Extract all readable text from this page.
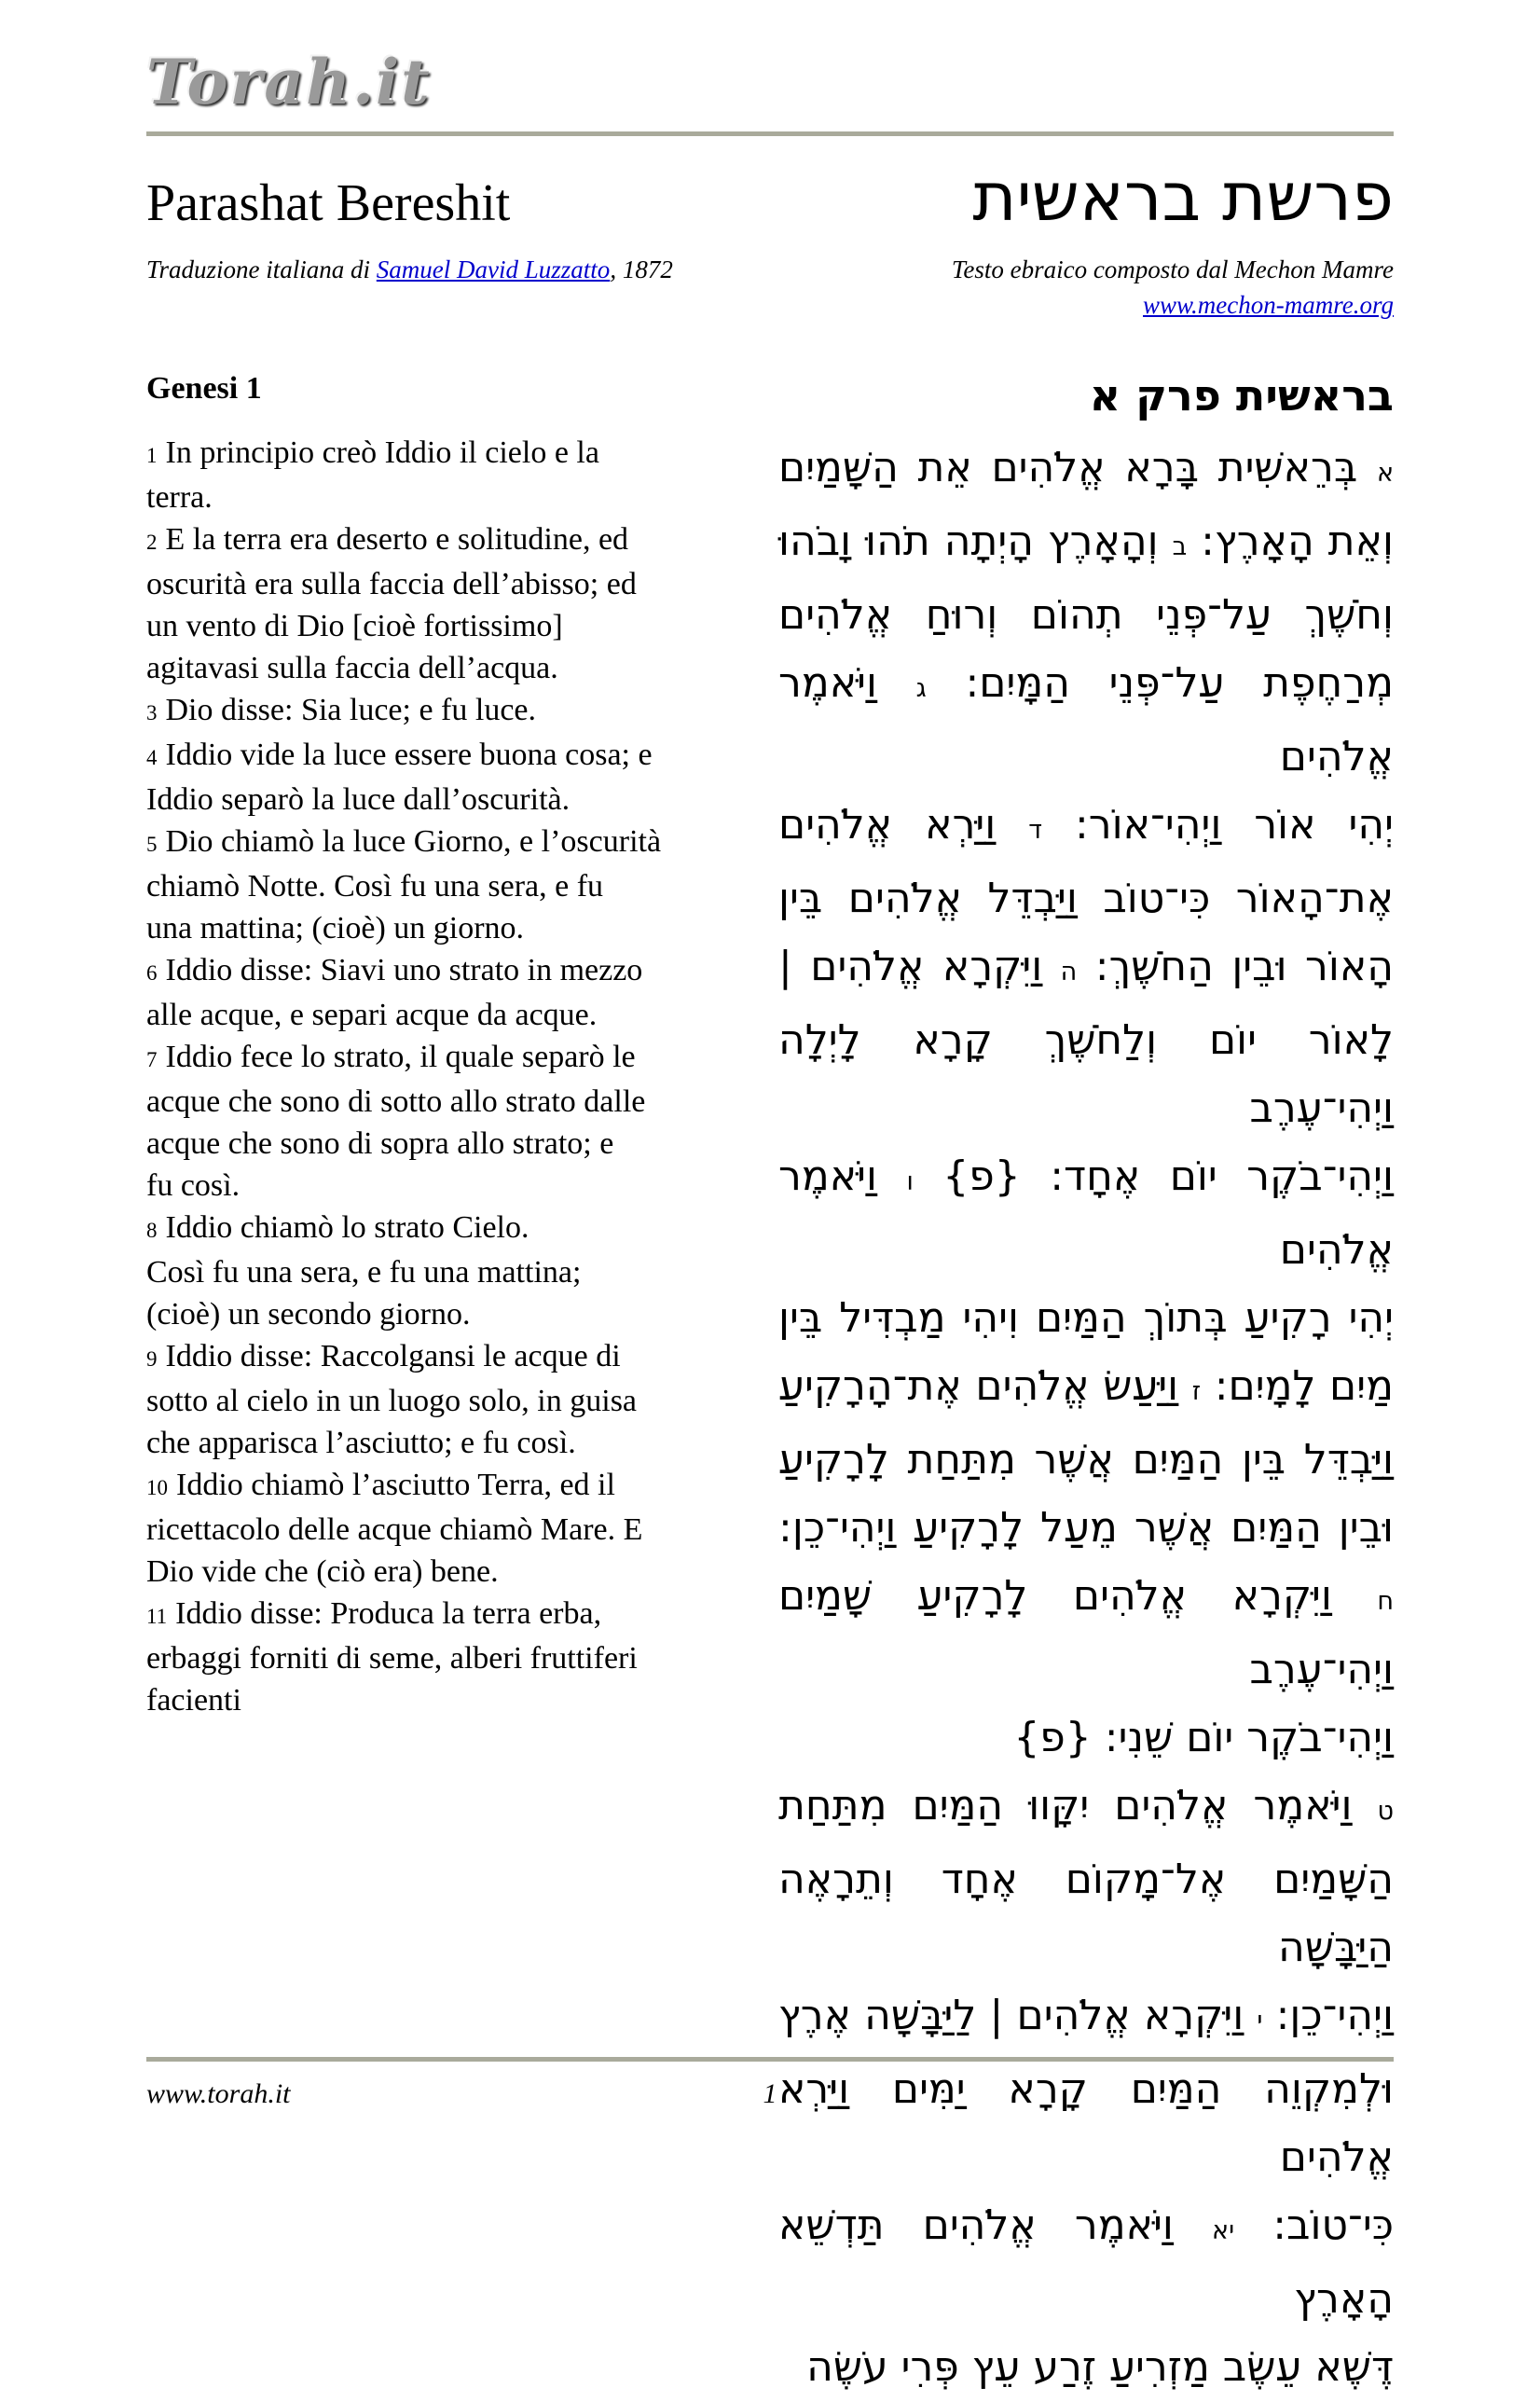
Torah.it
Parashat Bereshit	פרשת בראשית
Traduzione italiana di Samuel David Luzzatto, 1872	Testo ebraico composto dal Mechon Mamre
www.mechon-mamre.org
Genesi 1
1 In principio creò Iddio il cielo e la
terra.
2 E la terra era deserto e solitudine, ed
oscurità era sulla faccia dell’abisso; ed
un vento di Dio [cioè fortissimo]
agitavasi sulla faccia dell’acqua.
3 Dio disse: Sia luce; e fu luce.
4 Iddio vide la luce essere buona cosa; e
Iddio separò la luce dall’oscurità.
5 Dio chiamò la luce Giorno, e l’oscurità
chiamò Notte. Così fu una sera, e fu
una mattina; (cioè) un giorno.
6 Iddio disse: Siavi uno strato in mezzo
alle acque, e separi acque da acque.
7 Iddio fece lo strato, il quale separò le
acque che sono di sotto allo strato dalle
acque che sono di sopra allo strato; e
fu così.
8 Iddio chiamò lo strato Cielo.
Così fu una sera, e fu una mattina;
(cioè) un secondo giorno.
9 Iddio disse: Raccolgansi le acque di
sotto al cielo in un luogo solo, in guisa
che apparisca l’asciutto; e fu così.
10 Iddio chiamò l’asciutto Terra, ed il
ricettacolo delle acque chiamò Mare. E
Dio vide che (ciò era) bene.
11 Iddio disse: Produca la terra erba,
erbaggi forniti di seme, alberi fruttiferi
facienti
בראשית פרק א
א בְּרֵאשִׁית בָּרָא אֱלֹהִים אֵת הַשָּׁמַיִם
וְאֵת הָאָרֶץ: ב וְהָאָרֶץ הָיְתָה תֹהוּ וָבֹהוּ
וְחֹשֶׁךְ עַל־פְּנֵי תְהוֹם וְרוּחַ אֱלֹהִים
מְרַחֶפֶת עַל־פְּנֵי הַמָּיִם: ג וַיֹּאמֶר אֱלֹהִים
יְהִי אוֹר וַיְהִי־אוֹר: ד וַיַּרְא אֱלֹהִים
אֶת־הָאוֹר כִּי־טוֹב וַיַּבְדֵּל אֱלֹהִים בֵּין
הָאוֹר וּבֵין הַחֹשֶׁךְ: ה וַיִּקְרָא אֱלֹהִים |
לָאוֹר יוֹם וְלַחֹשֶׁךְ קָרָא לָיְלָה וַיְהִי־עֶרֶב
וַיְהִי־בֹקֶר יוֹם אֶחָד: {פ} ו וַיֹּאמֶר אֱלֹהִים
יְהִי רָקִיעַ בְּתוֹךְ הַמַּיִם וִיהִי מַבְדִּיל בֵּין
מַיִם לָמָיִם: ז וַיַּעַשׂ אֱלֹהִים אֶת־הָרָקִיעַ
וַיַּבְדֵּל בֵּין הַמַּיִם אֲשֶׁר מִתַּחַת לָרָקִיעַ
וּבֵין הַמַּיִם אֲשֶׁר מֵעַל לָרָקִיעַ וַיְהִי־כֵן:
ח וַיִּקְרָא אֱלֹהִים לָרָקִיעַ שָׁמַיִם וַיְהִי־עֶרֶב
וַיְהִי־בֹקֶר יוֹם שֵׁנִי: {פ}
ט וַיֹּאמֶר אֱלֹהִים יִקָּווּ הַמַּיִם מִתַּחַת
הַשָּׁמַיִם אֶל־מָקוֹם אֶחָד וְתֵרָאֶה הַיַּבָּשָׁה
וַיְהִי־כֵן: י וַיִּקְרָא אֱלֹהִים | לַיַּבָּשָׁה אֶרֶץ
וּלְמִקְוֵה הַמַּיִם קָרָא יַמִּים וַיַּרְא אֱלֹהִים
כִּי־טוֹב: יא וַיֹּאמֶר אֱלֹהִים תַּדְשֵׁא הָאָרֶץ
דֶּשֶׁא עֵשֶׂב מַזְרִיעַ זֶרַע עֵץ פְּרִי עֹשֶׂה
1
www.torah.it
